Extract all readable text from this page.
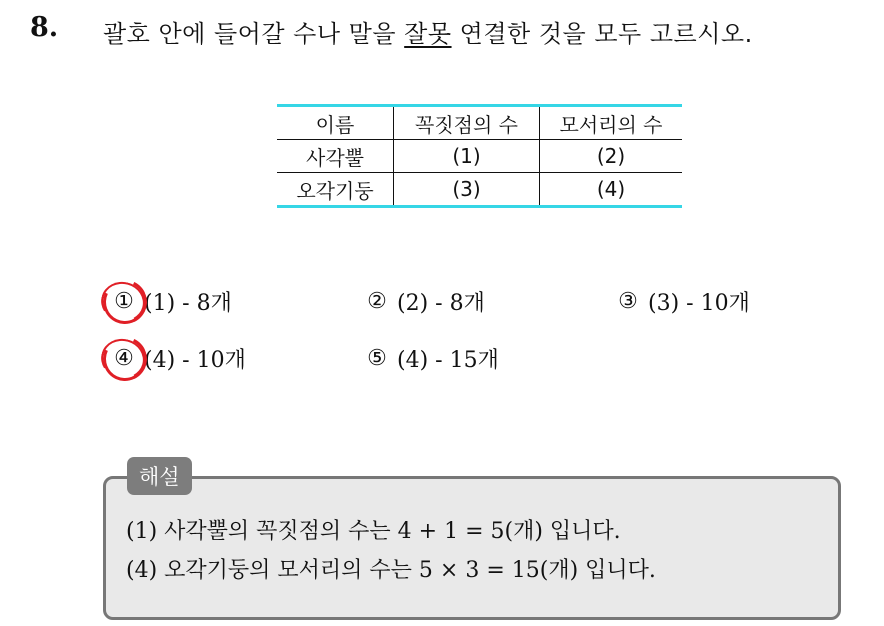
8. 괄호 안에 들어갈 수나 말을 잘못 연결한 것을 모두 고르시오.
이름	꼭짓점의 수	모서리의 수
사각뿔	(1)	(2)
오각기둥	(3)	(4)
① (1) - 8개	② (2) - 8개	③ (3) - 10개
④ (4) - 10개	⑤ (4) - 15개
해설
(1) 사각뿔의 꼭짓점의 수는 4 + 1 = 5(개) 입니다.
(4) 오각기둥의 모서리의 수는 5 × 3 = 15(개) 입니다.
